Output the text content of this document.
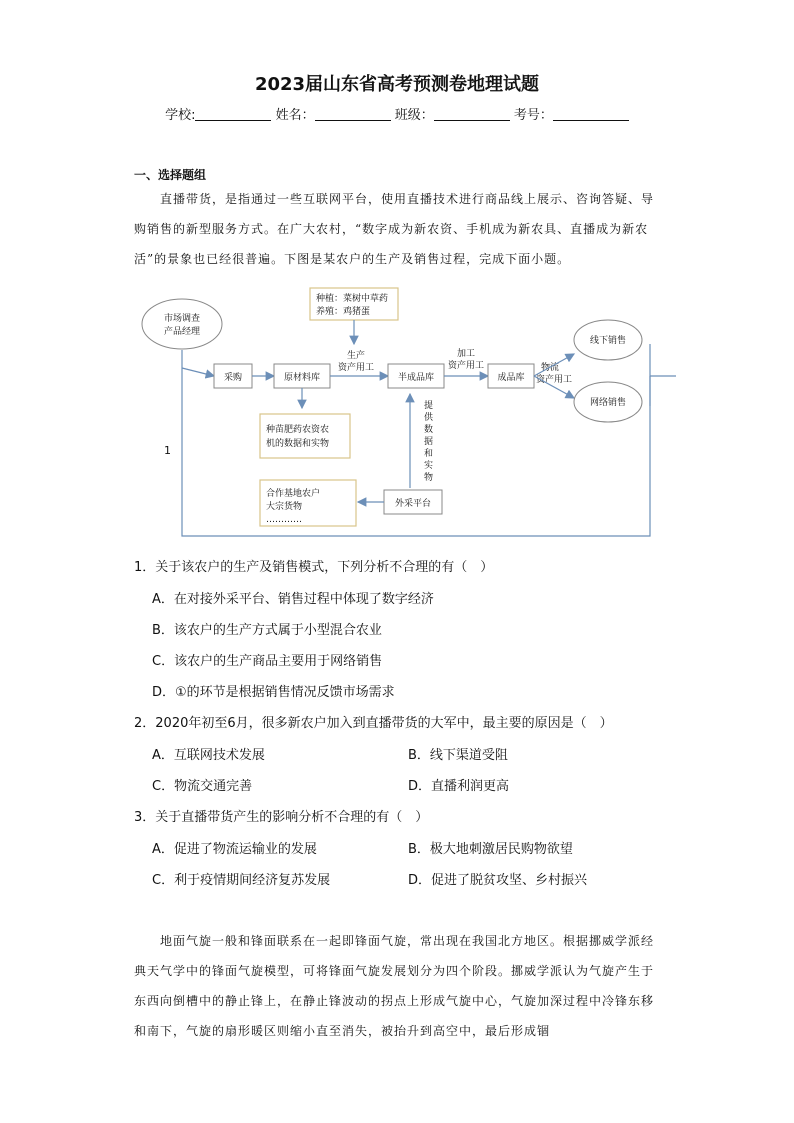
2023届山东省高考预测卷地理试题
学校:	姓名：	班级：	考号：
一、选择题组
直播带货，是指通过一些互联网平台，使用直播技术进行商品线上展示、咨询答疑、导购销售的新型服务方式。在广大农村，“数字成为新农资、手机成为新农具、直播成为新农活”的景象也已经很普遍。下图是某农户的生产及销售过程，完成下面小题。
1
市场调查
产品经理
采购	原材料库
种植：菜树中草药
养殖：鸡猪蛋
生产
资产用工
半成品库
加工
资产用工
成品库
物流
资产用工
线下销售
网络销售
种苗肥药农资农
机的数据和实物
提
供
数
据
和
实
物
外采平台
合作基地农户
大宗货物
…………
1．关于该农户的生产及销售模式，下列分析不合理的有（　）
A．在对接外采平台、销售过程中体现了数字经济
B．该农户的生产方式属于小型混合农业
C．该农户的生产商品主要用于网络销售
D．①的环节是根据销售情况反馈市场需求
2．2020年初至6月，很多新农户加入到直播带货的大军中，最主要的原因是（　）
A．互联网技术发展	B．线下渠道受阻
C．物流交通完善	D．直播利润更高
3．关于直播带货产生的影响分析不合理的有（　）
A．促进了物流运输业的发展	B．极大地刺激居民购物欲望
C．利于疫情期间经济复苏发展	D．促进了脱贫攻坚、乡村振兴
地面气旋一般和锋面联系在一起即锋面气旋，常出现在我国北方地区。根据挪威学派经典天气学中的锋面气旋模型，可将锋面气旋发展划分为四个阶段。挪威学派认为气旋产生于东西向倒槽中的静止锋上，在静止锋波动的拐点上形成气旋中心，气旋加深过程中冷锋东移和南下，气旋的扇形暖区则缩小直至消失，被抬升到高空中，最后形成锢
